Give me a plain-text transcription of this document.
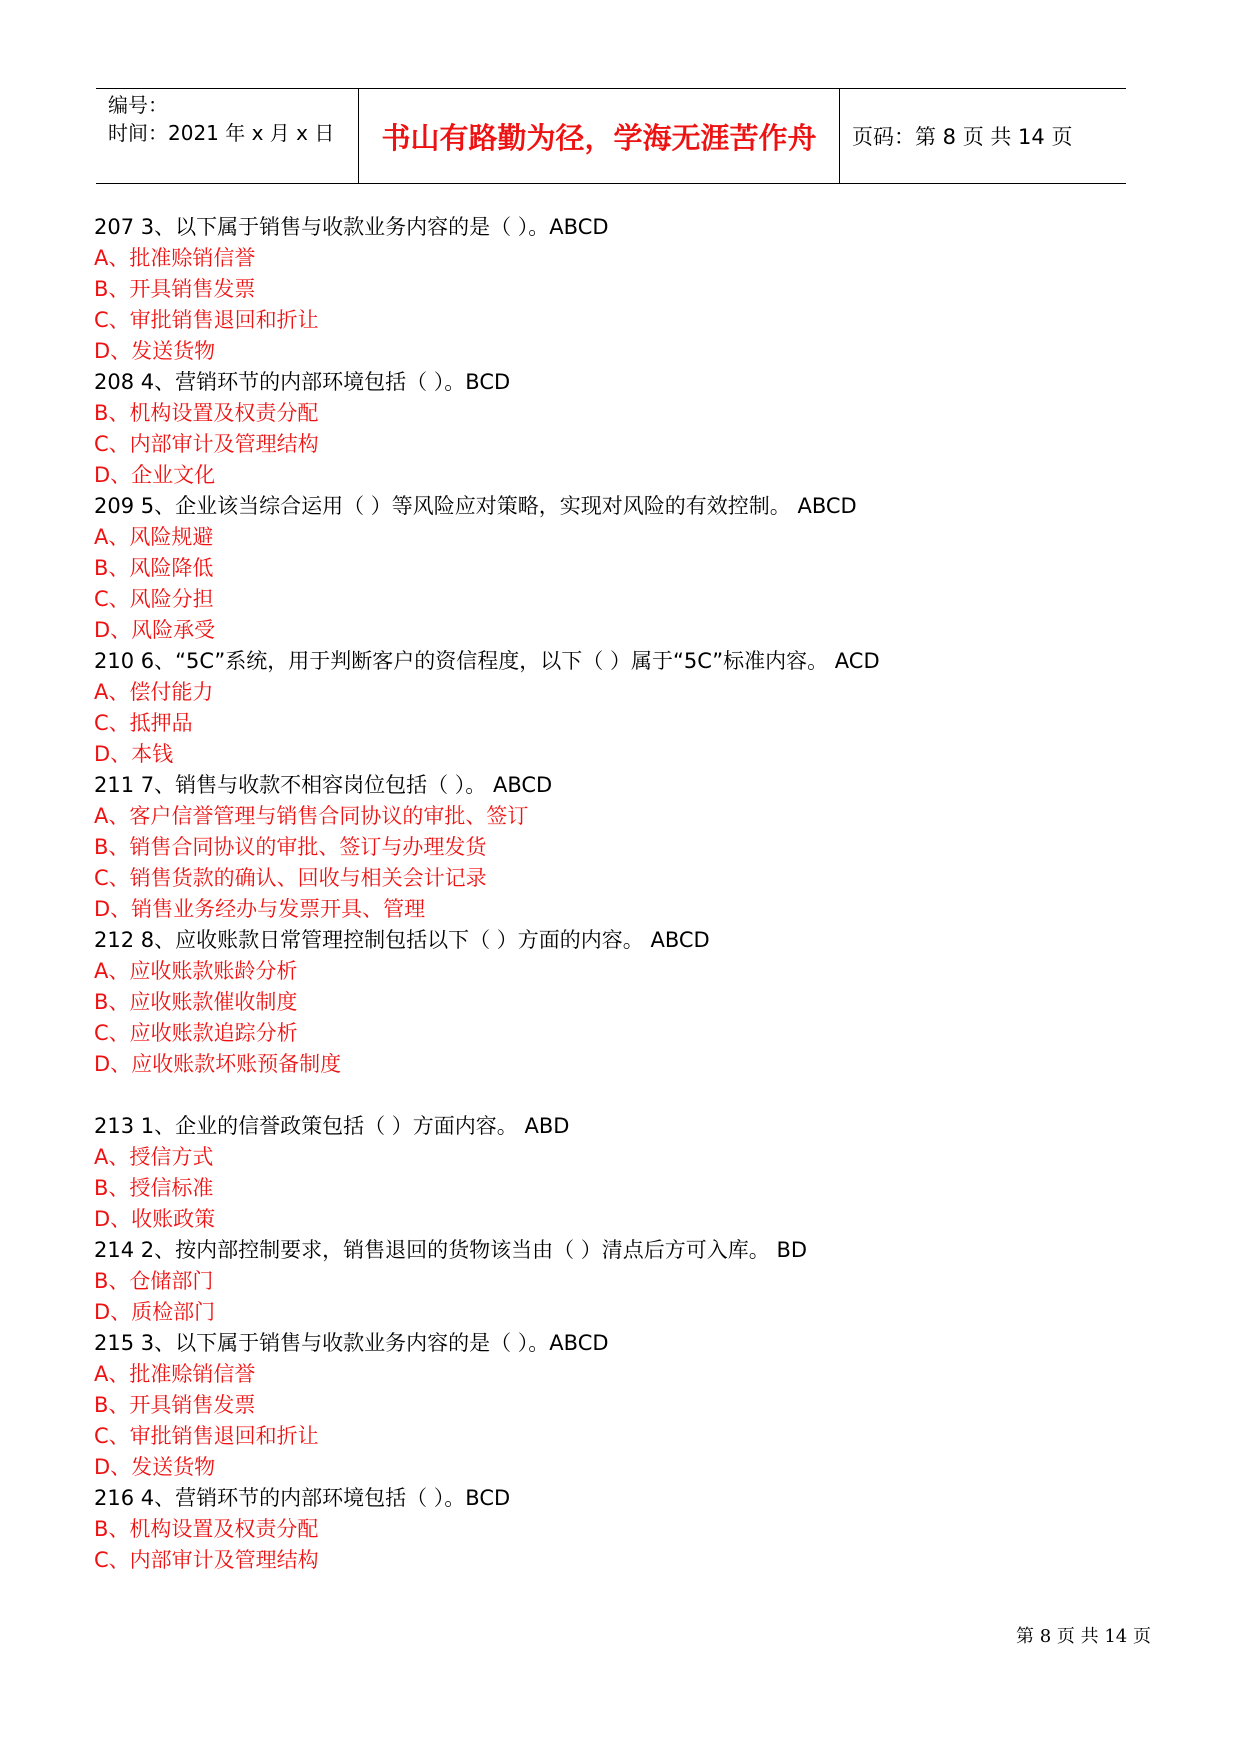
编号：
时间：2021 年 x 月 x 日 书山有路勤为径，学海无涯苦作舟 页码：第 8 页 共 14 页
207 3、以下属于销售与收款业务内容的是（ ）。ABCD
A、批准赊销信誉
B、开具销售发票
C、审批销售退回和折让
D、发送货物
208 4、营销环节的内部环境包括（ ）。BCD
B、机构设置及权责分配
C、内部审计及管理结构
D、企业文化
209 5、企业该当综合运用（ ）等风险应对策略，实现对风险的有效控制。 ABCD
A、风险规避
B、风险降低
C、风险分担
D、风险承受
210 6、“5C”系统，用于判断客户的资信程度，以下（ ）属于“5C”标准内容。 ACD
A、偿付能力
C、抵押品
D、本钱
211 7、销售与收款不相容岗位包括（ ）。 ABCD
A、客户信誉管理与销售合同协议的审批、签订
B、销售合同协议的审批、签订与办理发货
C、销售货款的确认、回收与相关会计记录
D、销售业务经办与发票开具、管理
212 8、应收账款日常管理控制包括以下（ ）方面的内容。 ABCD
A、应收账款账龄分析
B、应收账款催收制度
C、应收账款追踪分析
D、应收账款坏账预备制度
213 1、企业的信誉政策包括（ ）方面内容。 ABD
A、授信方式
B、授信标准
D、收账政策
214 2、按内部控制要求，销售退回的货物该当由（ ）清点后方可入库。 BD
B、仓储部门
D、质检部门
215 3、以下属于销售与收款业务内容的是（ ）。ABCD
A、批准赊销信誉
B、开具销售发票
C、审批销售退回和折让
D、发送货物
216 4、营销环节的内部环境包括（ ）。BCD
B、机构设置及权责分配
C、内部审计及管理结构
第 8 页 共 14 页
